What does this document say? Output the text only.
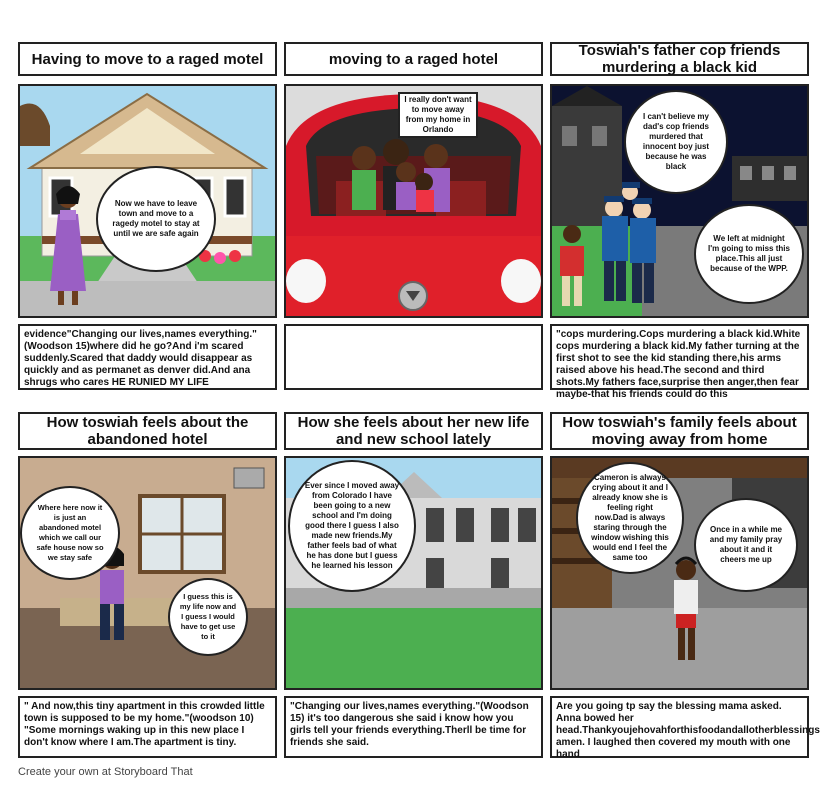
Having to move to a raged motel
Now we have to leave town and move to a ragedy motel to stay at until we are safe again
evidence"Changing our lives,names everything."(Woodson 15)where did he go?And i'm scared suddenly.Scared that daddy would disappear as quickly and as permanet as denver did.And ana shrugs who cares HE RUNIED MY LIFE
moving to a raged hotel
I really don't want to move away from my home in Orlando
Toswiah's father cop friends murdering a black kid
I can't believe my dad's cop friends murdered that innocent boy just because he was black
We left at midnight I'm going to miss this place.This all just because of the WPP.
"cops murdering.Cops murdering a black kid.White cops murdering a black kid.My father turning at the first shot to see the kid standing there,his arms raised above his head.The second and third shots.My fathers face,surprise then anger,then fear maybe-that his friends could do this
How toswiah feels about the abandoned hotel
Where here now it is just an abandoned motel which we call our safe house now so we stay safe
I guess this is my life now and I guess I would have to get use to it
" And now,this tiny apartment in this crowded little town is supposed to be my home."(woodson 10) "Some mornings waking up in this new place I don't know where I am.The apartment is tiny.
How she feels about her new life and new school lately
Ever since I moved away from Colorado I have been going to a new school and I'm doing good there I guess I also made new friends.My father feels bad of what he has done but I guess he learned his lesson
"Changing our lives,names everything."(Woodson 15) it's too dangerous she said i know how you girls tell your friends everything.Therll be time for friends she said.
How toswiah's family feels about moving away from home
Cameron is always crying about it and I already know she is feeling right now.Dad is always staring through the window wishing this would end I feel the same too
Once in a while me and my family pray about it and it cheers me up
Are you going tp say the blessing mama asked. Anna bowed her head.Thankyoujehovahforthisfoodandallotherblessings amen. I laughed then covered my mouth with one hand
Create your own at Storyboard That
